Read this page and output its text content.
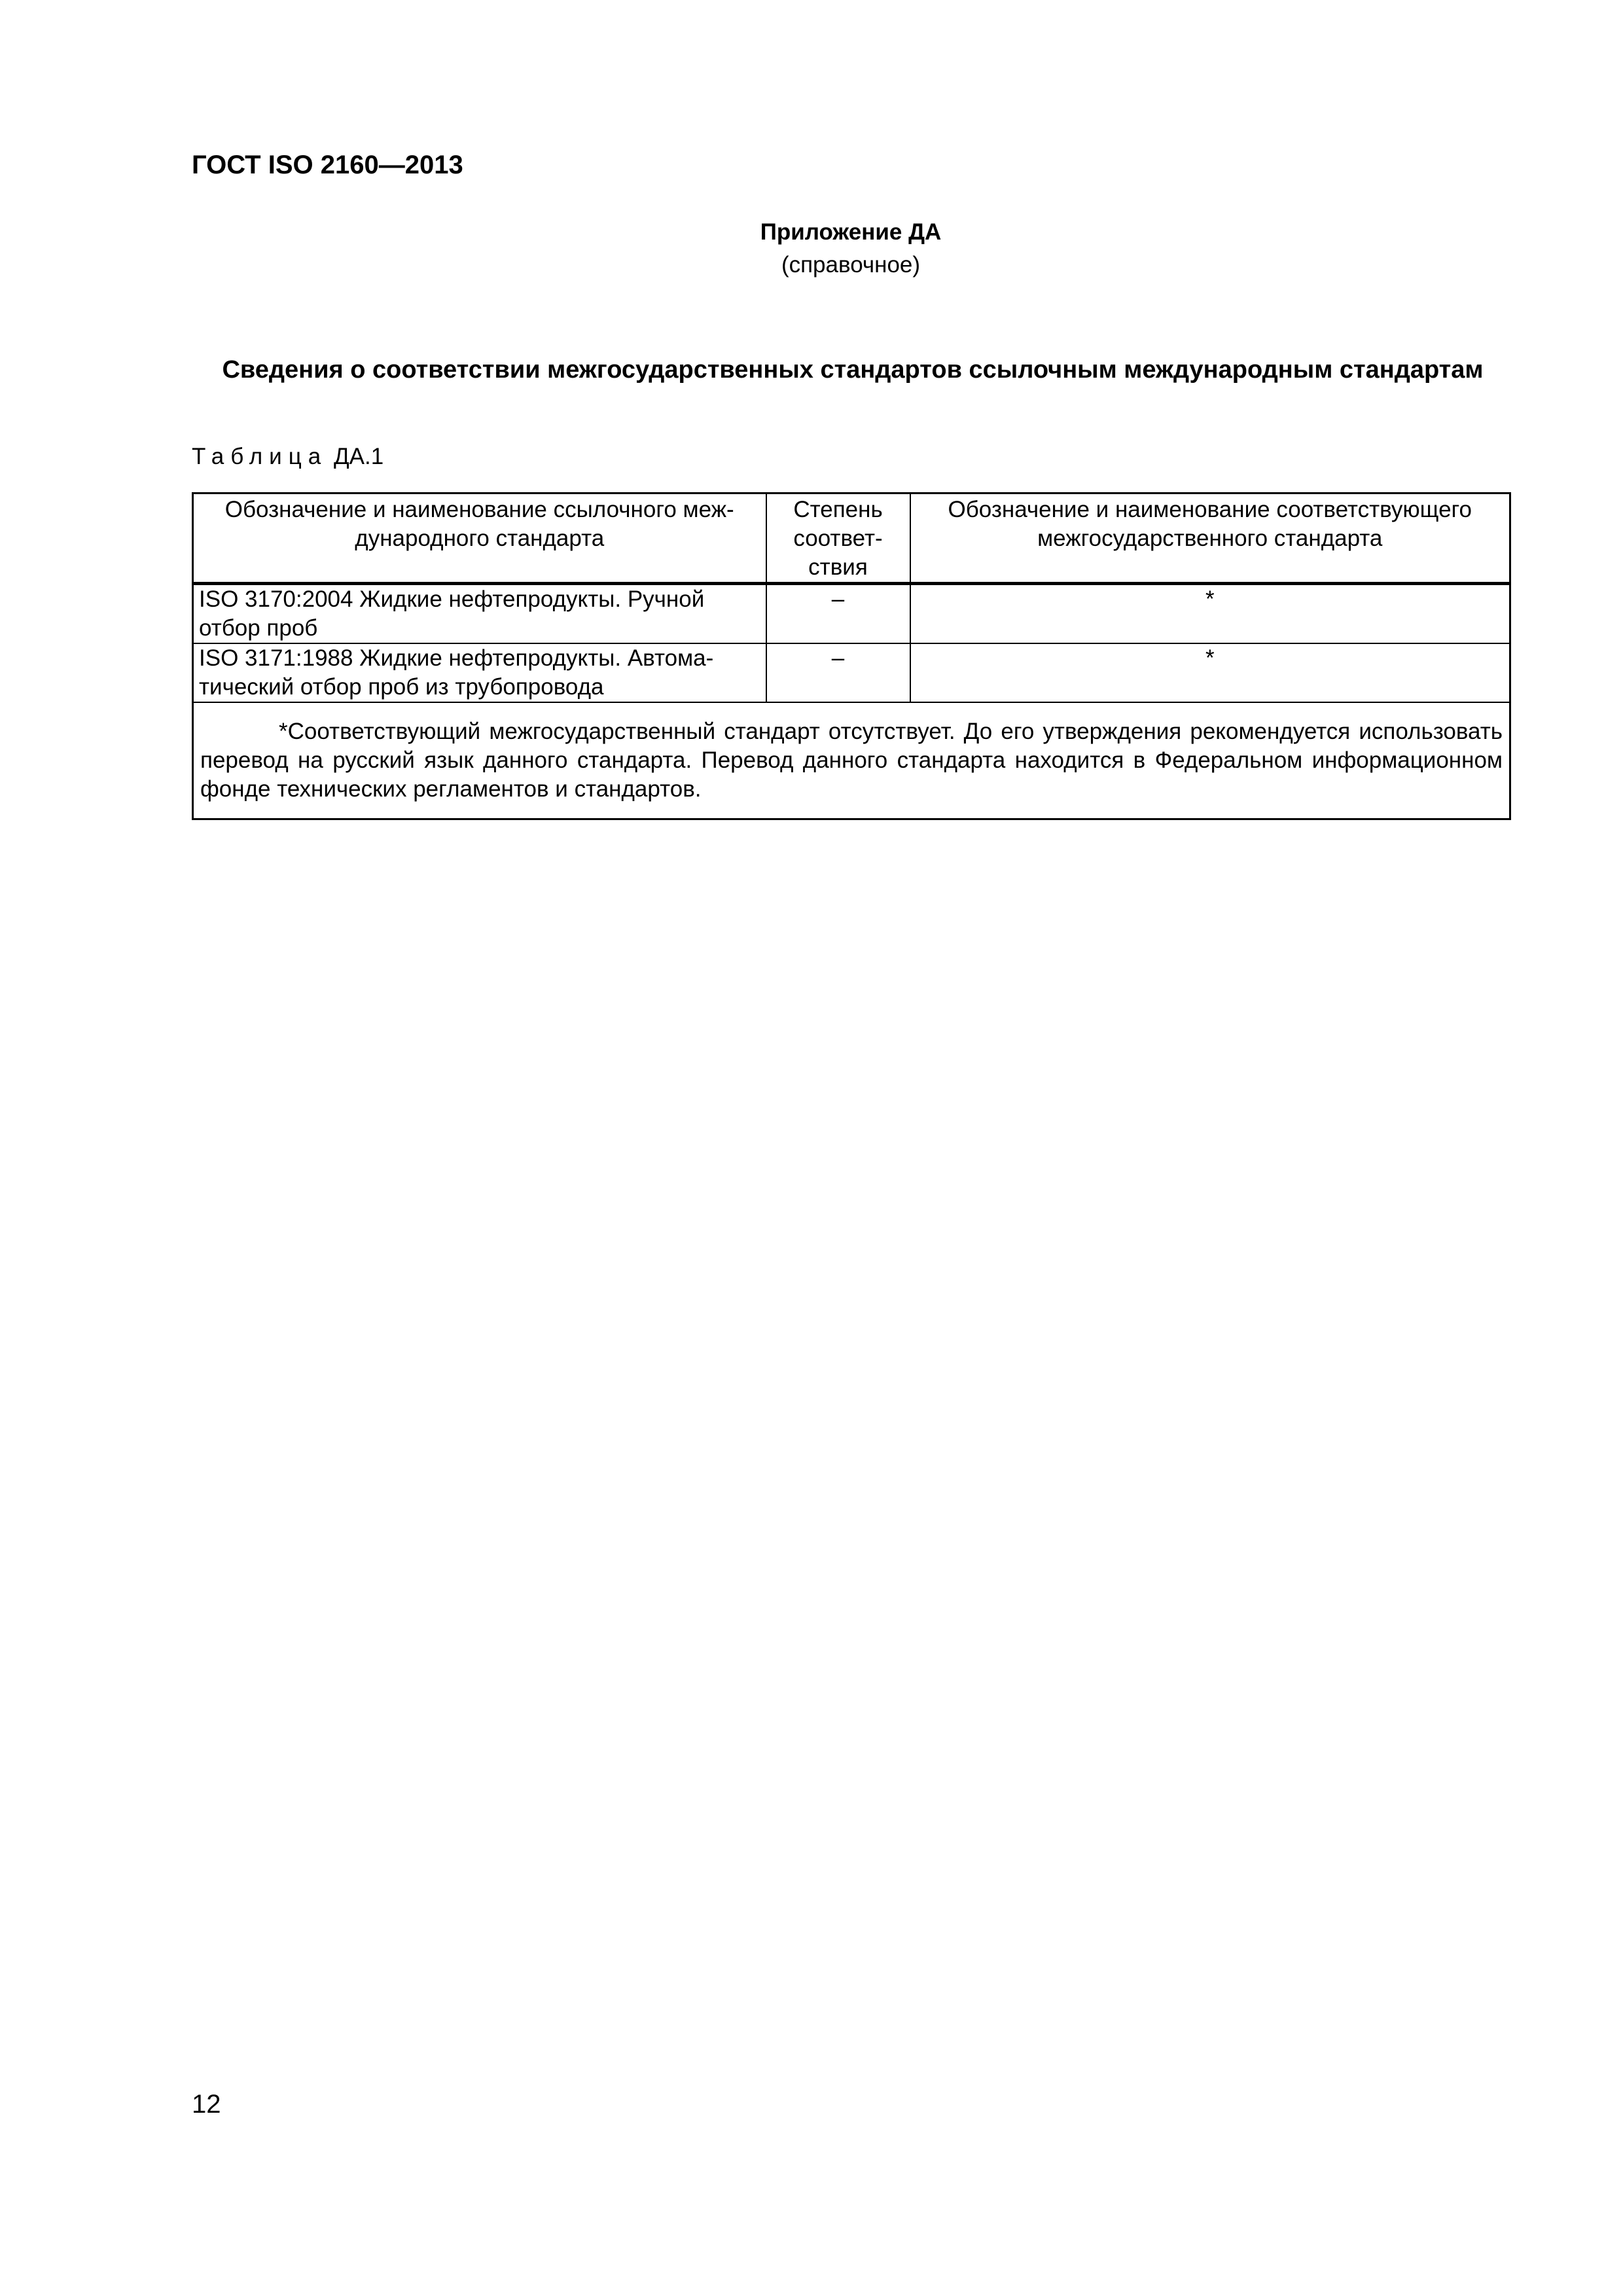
ГОСТ ISO 2160—2013
Приложение ДА
(справочное)
Сведения о соответствии межгосударственных стандартов ссылочным международным стандартам
Таблица ДА.1
Обозначение и наименование ссылочного меж-дународного стандарта	Степень соответ-ствия	Обозначение и наименование соответствующего межгосударственного стандарта
ISO 3170:2004 Жидкие нефтепродукты. Ручной отбор проб	–	*
ISO 3171:1988 Жидкие нефтепродукты. Автома-тический отбор проб из трубопровода	–	*
*Соответствующий межгосударственный стандарт отсутствует. До его утверждения рекомендуется использовать перевод на русский язык данного стандарта. Перевод данного стандарта находится в Федеральном информационном фонде технических регламентов и стандартов.		
12
